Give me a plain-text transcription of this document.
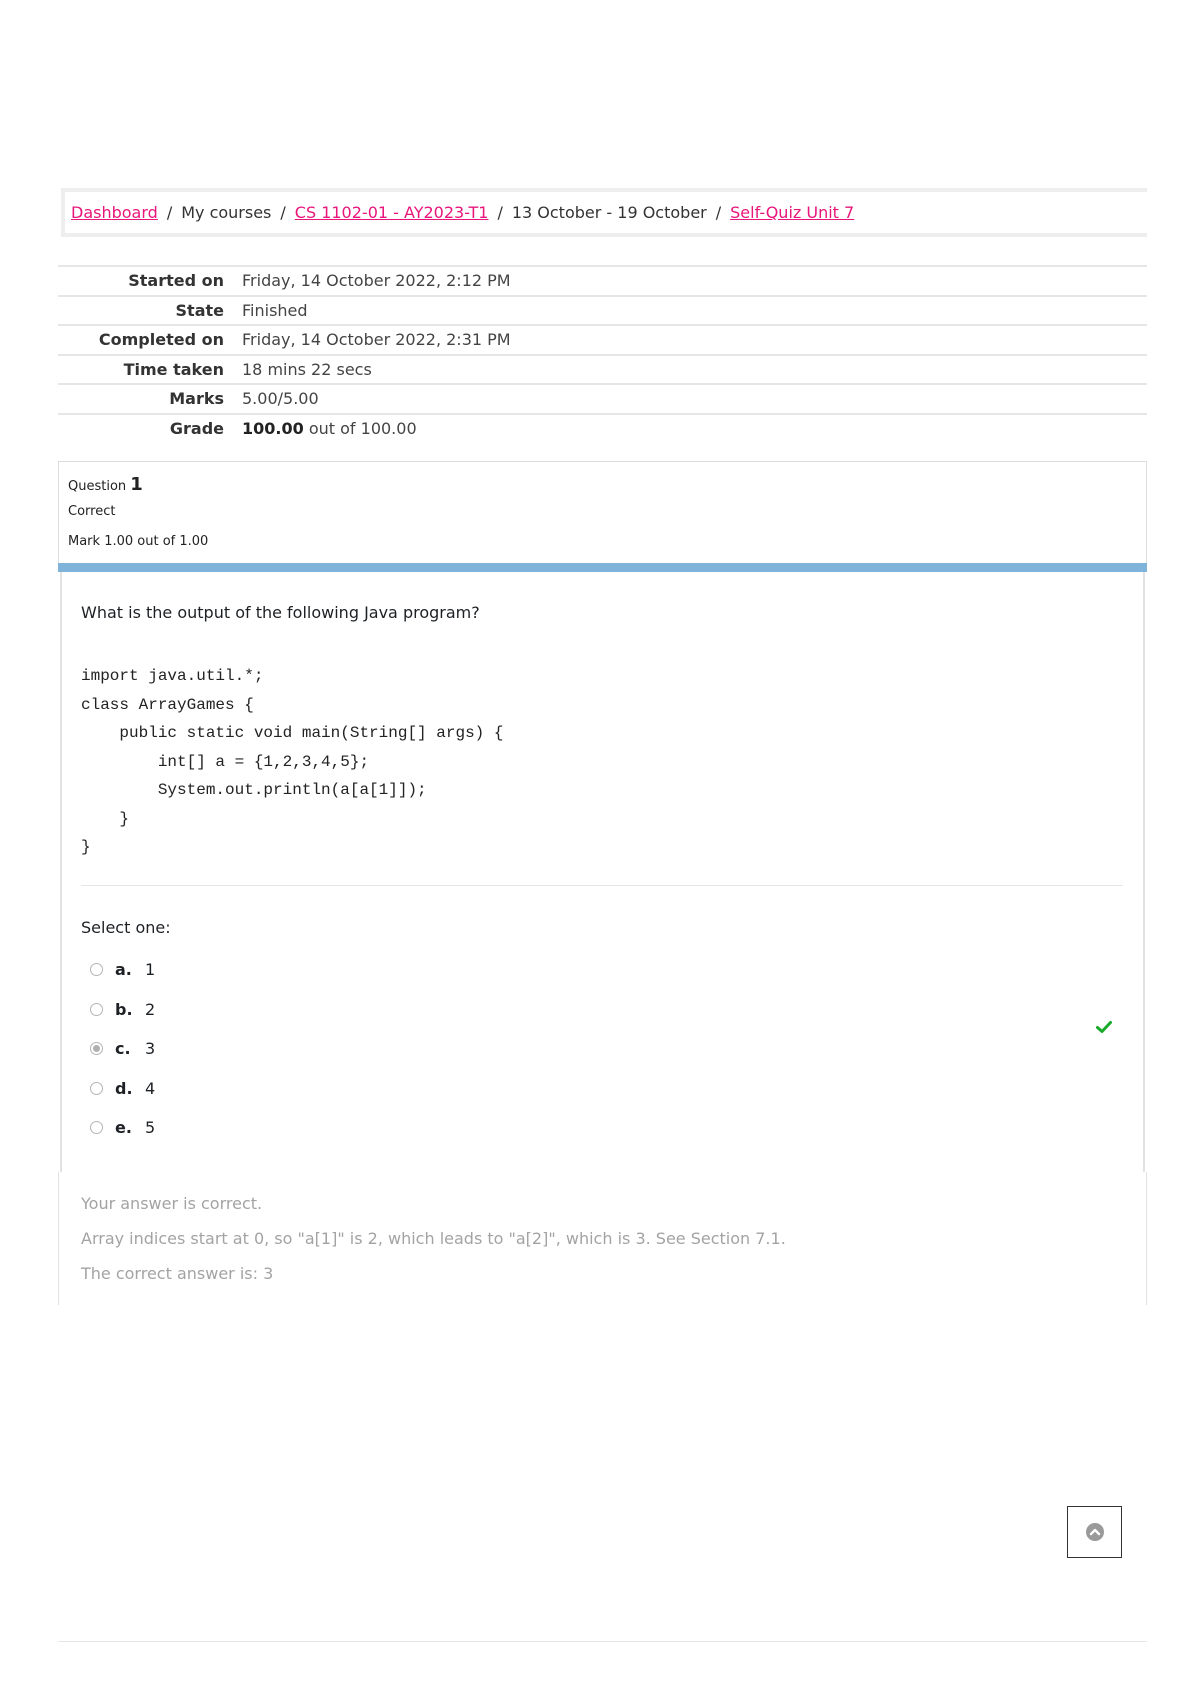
Dashboard / My courses / CS 1102-01 - AY2023-T1 / 13 October - 19 October / Self-Quiz Unit 7
Started on Friday, 14 October 2022, 2:12 PM
State Finished
Completed on Friday, 14 October 2022, 2:31 PM
Time taken 18 mins 22 secs
Marks 5.00/5.00
Grade 100.00 out of 100.00
Question 1
Correct
Mark 1.00 out of 1.00
What is the output of the following Java program?
import java.util.*;
class ArrayGames {
public static void main(String[] args) {
int[] a = {1,2,3,4,5};
System.out.println(a[a[1]]);
}
}
Select one:
a. 1
b. 2
c. 3
d. 4
e. 5
Your answer is correct.
Array indices start at 0, so "a[1]" is 2, which leads to "a[2]", which is 3. See Section 7.1.
The correct answer is: 3
